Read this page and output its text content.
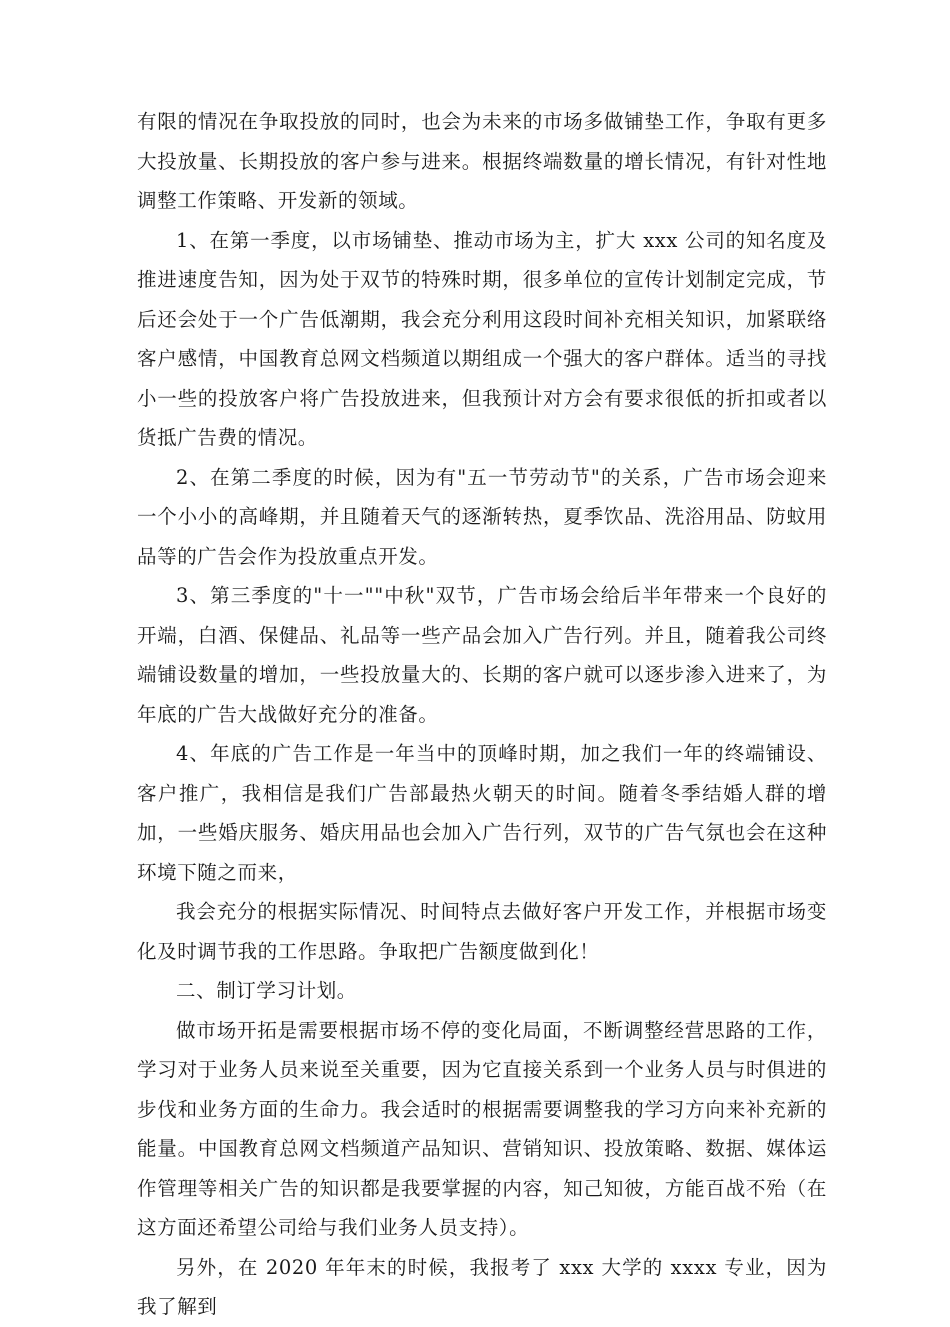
有限的情况在争取投放的同时，也会为未来的市场多做铺垫工作，争取有更多大投放量、长期投放的客户参与进来。根据终端数量的增长情况，有针对性地调整工作策略、开发新的领域。

1、在第一季度，以市场铺垫、推动市场为主，扩大 xxx 公司的知名度及推进速度告知，因为处于双节的特殊时期，很多单位的宣传计划制定完成，节后还会处于一个广告低潮期，我会充分利用这段时间补充相关知识，加紧联络客户感情，中国教育总网文档频道以期组成一个强大的客户群体。适当的寻找小一些的投放客户将广告投放进来，但我预计对方会有要求很低的折扣或者以货抵广告费的情况。

2、在第二季度的时候，因为有"五一节劳动节"的关系，广告市场会迎来一个小小的高峰期，并且随着天气的逐渐转热，夏季饮品、洗浴用品、防蚊用品等的广告会作为投放重点开发。

3、第三季度的"十一""中秋"双节，广告市场会给后半年带来一个良好的开端，白酒、保健品、礼品等一些产品会加入广告行列。并且，随着我公司终端铺设数量的增加，一些投放量大的、长期的客户就可以逐步渗入进来了，为年底的广告大战做好充分的准备。

4、年底的广告工作是一年当中的顶峰时期，加之我们一年的终端铺设、客户推广，我相信是我们广告部最热火朝天的时间。随着冬季结婚人群的增加，一些婚庆服务、婚庆用品也会加入广告行列，双节的广告气氛也会在这种环境下随之而来，

我会充分的根据实际情况、时间特点去做好客户开发工作，并根据市场变化及时调节我的工作思路。争取把广告额度做到化！

二、制订学习计划。

做市场开拓是需要根据市场不停的变化局面，不断调整经营思路的工作，学习对于业务人员来说至关重要，因为它直接关系到一个业务人员与时俱进的步伐和业务方面的生命力。我会适时的根据需要调整我的学习方向来补充新的能量。中国教育总网文档频道产品知识、营销知识、投放策略、数据、媒体运作管理等相关广告的知识都是我要掌握的内容，知己知彼，方能百战不殆（在这方面还希望公司给与我们业务人员支持）。

另外，在 2020 年年末的时候，我报考了 xxx 大学的 xxxx 专业，因为我了解到
